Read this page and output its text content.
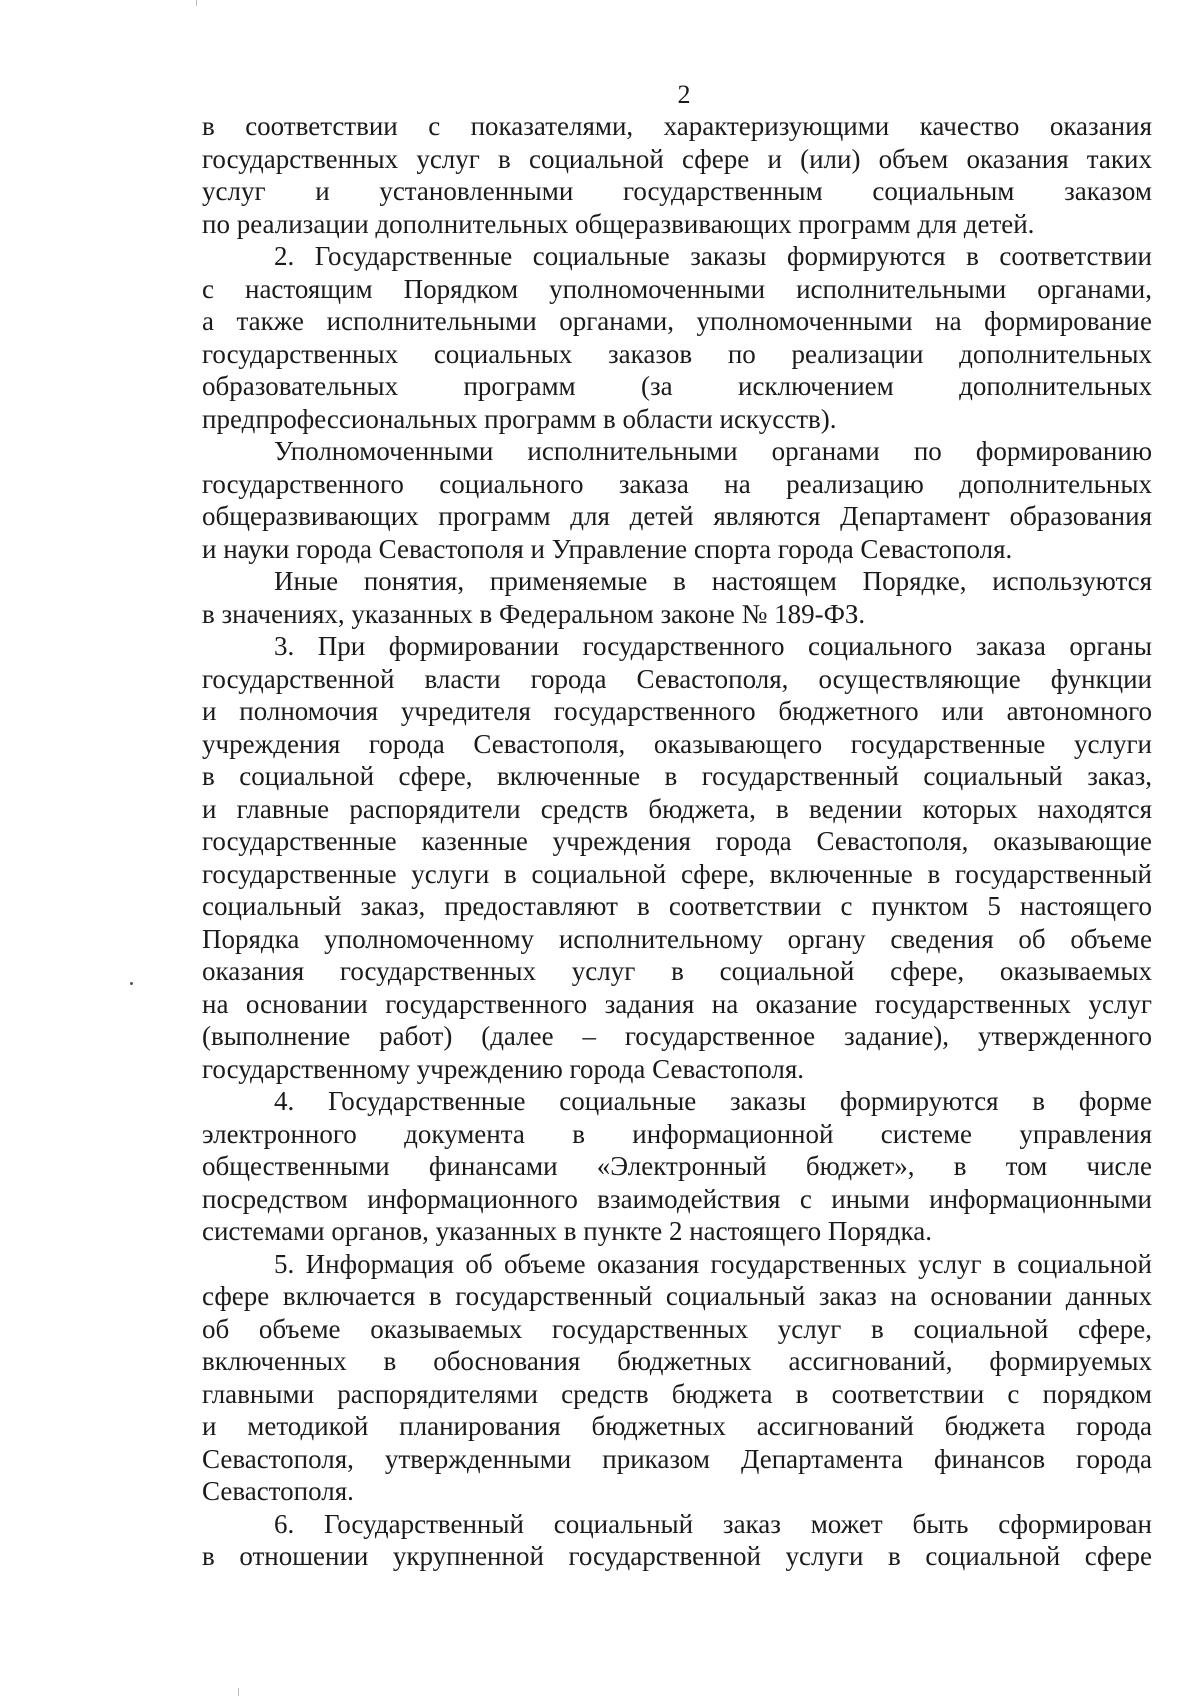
2
в соответствии с показателями, характеризующими качество оказания
государственных услуг в социальной сфере и (или) объем оказания таких
услуг и установленными государственным социальным заказом
по реализации дополнительных общеразвивающих программ для детей.
2. Государственные социальные заказы формируются в соответствии
с настоящим Порядком уполномоченными исполнительными органами,
а также исполнительными органами, уполномоченными на формирование
государственных социальных заказов по реализации дополнительных
образовательных программ (за исключением дополнительных
предпрофессиональных программ в области искусств).
Уполномоченными исполнительными органами по формированию
государственного социального заказа на реализацию дополнительных
общеразвивающих программ для детей являются Департамент образования
и науки города Севастополя и Управление спорта города Севастополя.
Иные понятия, применяемые в настоящем Порядке, используются
в значениях, указанных в Федеральном законе № 189-ФЗ.
3. При формировании государственного социального заказа органы
государственной власти города Севастополя, осуществляющие функции
и полномочия учредителя государственного бюджетного или автономного
учреждения города Севастополя, оказывающего государственные услуги
в социальной сфере, включенные в государственный социальный заказ,
и главные распорядители средств бюджета, в ведении которых находятся
государственные казенные учреждения города Севастополя, оказывающие
государственные услуги в социальной сфере, включенные в государственный
социальный заказ, предоставляют в соответствии с пунктом 5 настоящего
Порядка уполномоченному исполнительному органу сведения об объеме
оказания государственных услуг в социальной сфере, оказываемых
на основании государственного задания на оказание государственных услуг
(выполнение работ) (далее – государственное задание), утвержденного
государственному учреждению города Севастополя.
4. Государственные социальные заказы формируются в форме
электронного документа в информационной системе управления
общественными финансами «Электронный бюджет», в том числе
посредством информационного взаимодействия с иными информационными
системами органов, указанных в пункте 2 настоящего Порядка.
5. Информация об объеме оказания государственных услуг в социальной
сфере включается в государственный социальный заказ на основании данных
об объеме оказываемых государственных услуг в социальной сфере,
включенных в обоснования бюджетных ассигнований, формируемых
главными распорядителями средств бюджета в соответствии с порядком
и методикой планирования бюджетных ассигнований бюджета города
Севастополя, утвержденными приказом Департамента финансов города
Севастополя.
6. Государственный социальный заказ может быть сформирован
в отношении укрупненной государственной услуги в социальной сфере
